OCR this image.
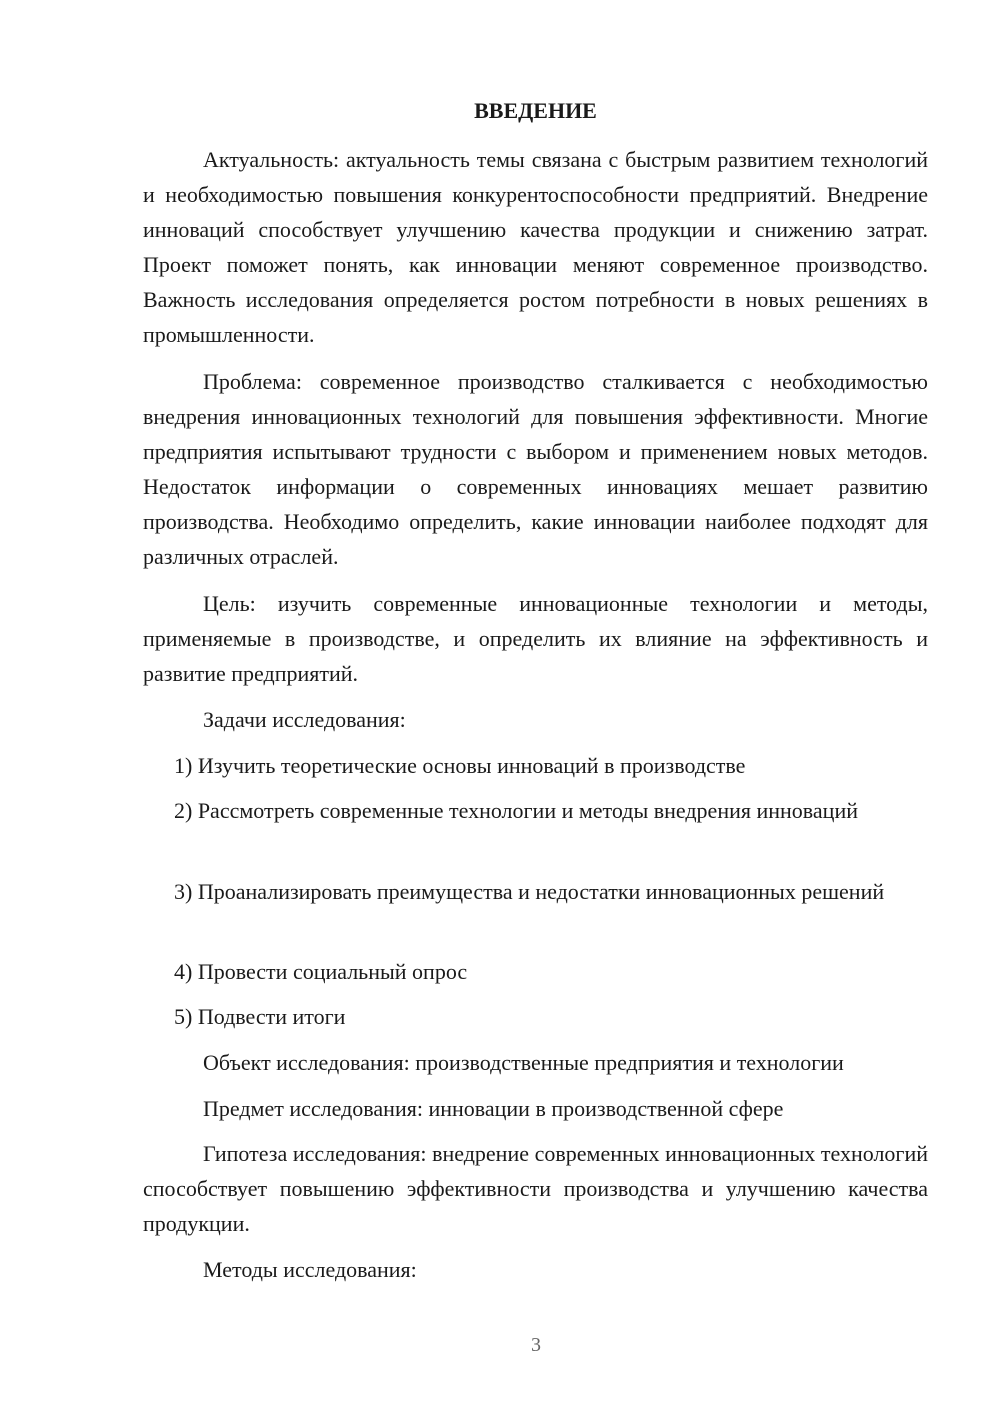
ВВЕДЕНИЕ

Актуальность: актуальность темы связана с быстрым развитием технологий и необходимостью повышения конкурентоспособности предприятий. Внедрение инноваций способствует улучшению качества продукции и снижению затрат. Проект поможет понять, как инновации меняют современное производство. Важность исследования определяется ростом потребности в новых решениях в промышленности.

Проблема: современное производство сталкивается с необходимостью внедрения инновационных технологий для повышения эффективности. Многие предприятия испытывают трудности с выбором и применением новых методов. Недостаток информации о современных инновациях мешает развитию производства. Необходимо определить, какие инновации наиболее подходят для различных отраслей.

Цель: изучить современные инновационные технологии и методы, применяемые в производстве, и определить их влияние на эффективность и развитие предприятий.

Задачи исследования:

1) Изучить теоретические основы инноваций в производстве

2) Рассмотреть современные технологии и методы внедрения инноваций

3) Проанализировать преимущества и недостатки инновационных решений

4) Провести социальный опрос

5) Подвести итоги

Объект исследования: производственные предприятия и технологии

Предмет исследования: инновации в производственной сфере

Гипотеза исследования: внедрение современных инновационных технологий способствует повышению эффективности производства и улучшению качества продукции.

Методы исследования:

3
